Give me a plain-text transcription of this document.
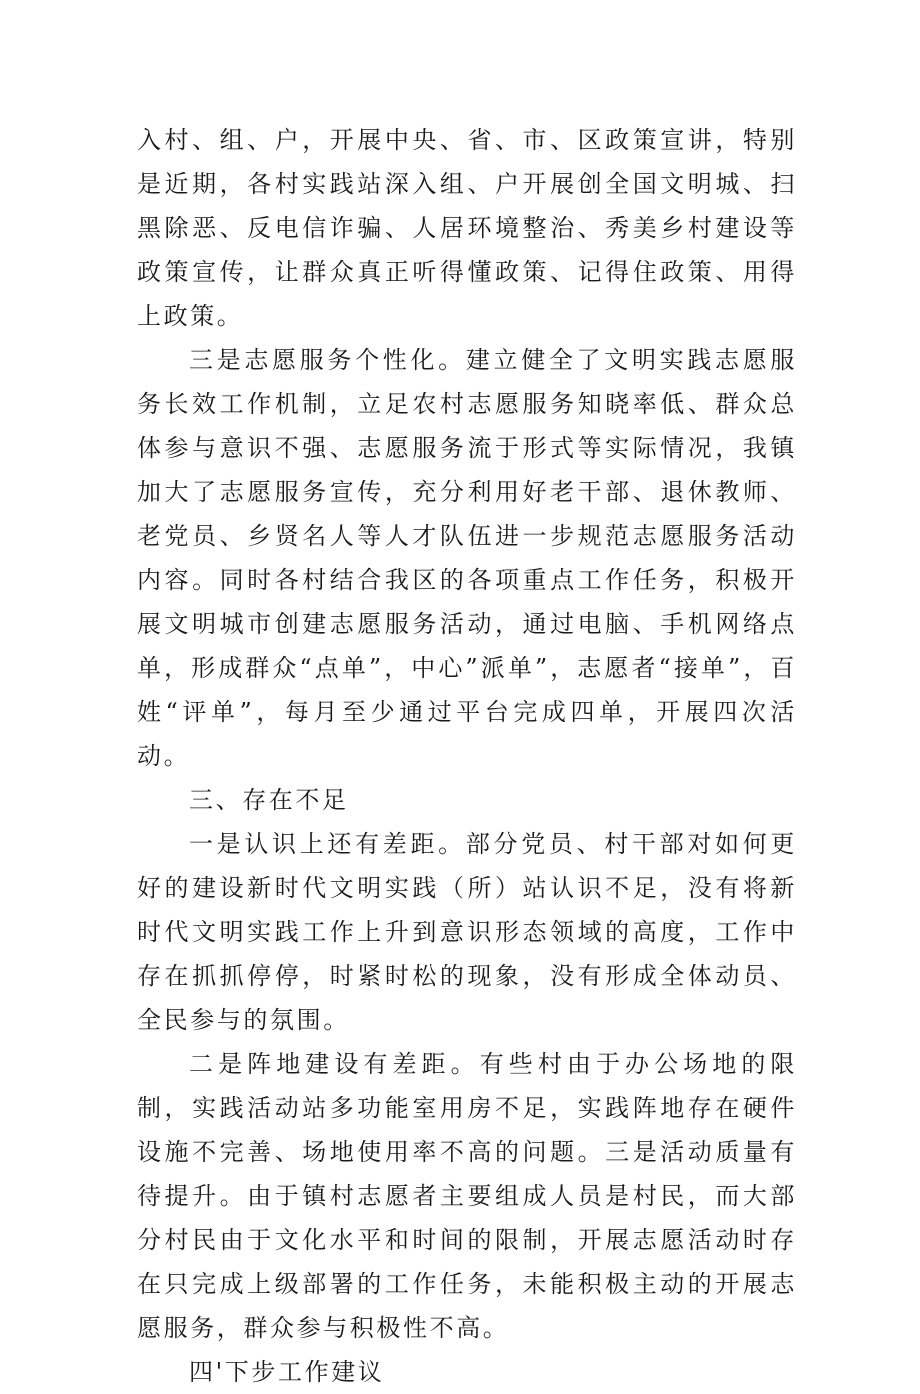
入村、组、户，开展中央、省、市、区政策宣讲，特别是近期，各村实践站深入组、户开展创全国文明城、扫黑除恶、反电信诈骗、人居环境整治、秀美乡村建设等政策宣传，让群众真正听得懂政策、记得住政策、用得上政策。

三是志愿服务个性化。建立健全了文明实践志愿服务长效工作机制，立足农村志愿服务知晓率低、群众总体参与意识不强、志愿服务流于形式等实际情况，我镇加大了志愿服务宣传，充分利用好老干部、退休教师、老党员、乡贤名人等人才队伍进一步规范志愿服务活动内容。同时各村结合我区的各项重点工作任务，积极开展文明城市创建志愿服务活动，通过电脑、手机网络点单，形成群众“点单”，中心”派单”，志愿者“接单”，百姓“评单”，每月至少通过平台完成四单，开展四次活动。

三、存在不足

一是认识上还有差距。部分党员、村干部对如何更好的建设新时代文明实践（所）站认识不足，没有将新时代文明实践工作上升到意识形态领域的高度，工作中存在抓抓停停，时紧时松的现象，没有形成全体动员、全民参与的氛围。

二是阵地建设有差距。有些村由于办公场地的限制，实践活动站多功能室用房不足，实践阵地存在硬件设施不完善、场地使用率不高的问题。三是活动质量有待提升。由于镇村志愿者主要组成人员是村民，而大部分村民由于文化水平和时间的限制，开展志愿活动时存在只完成上级部署的工作任务，未能积极主动的开展志愿服务，群众参与积极性不高。

四'下步工作建议
